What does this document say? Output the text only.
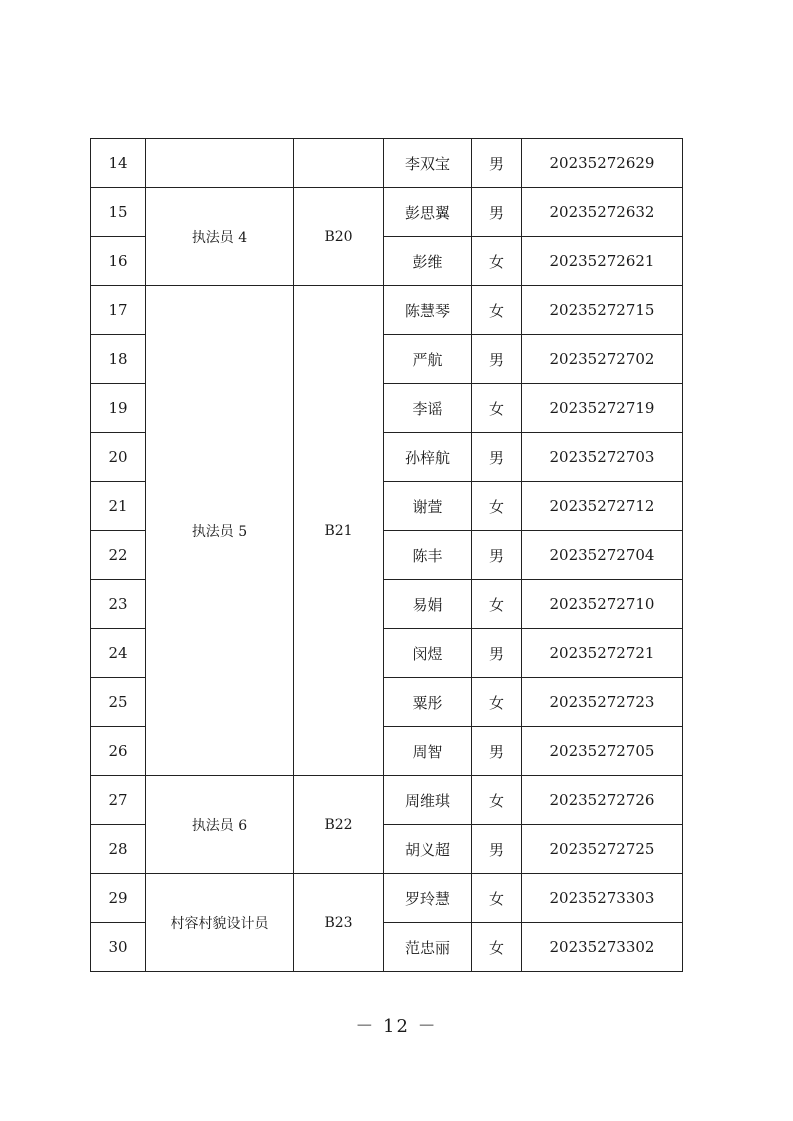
14			李双宝	男	20235272629
15	执法员 4	B20	彭思翼	男	20235272632
16			彭维	女	20235272621
17	执法员 5	B21	陈慧琴	女	20235272715
18			严航	男	20235272702
19			李谣	女	20235272719
20			孙梓航	男	20235272703
21			谢萱	女	20235272712
22			陈丰	男	20235272704
23			易娟	女	20235272710
24			闵煜	男	20235272721
25			粟彤	女	20235272723
26			周智	男	20235272705
27	执法员 6	B22	周维琪	女	20235272726
28			胡义超	男	20235272725
29	村容村貌设计员	B23	罗玲慧	女	20235273303
30			范忠丽	女	20235273302
－ 12 －
